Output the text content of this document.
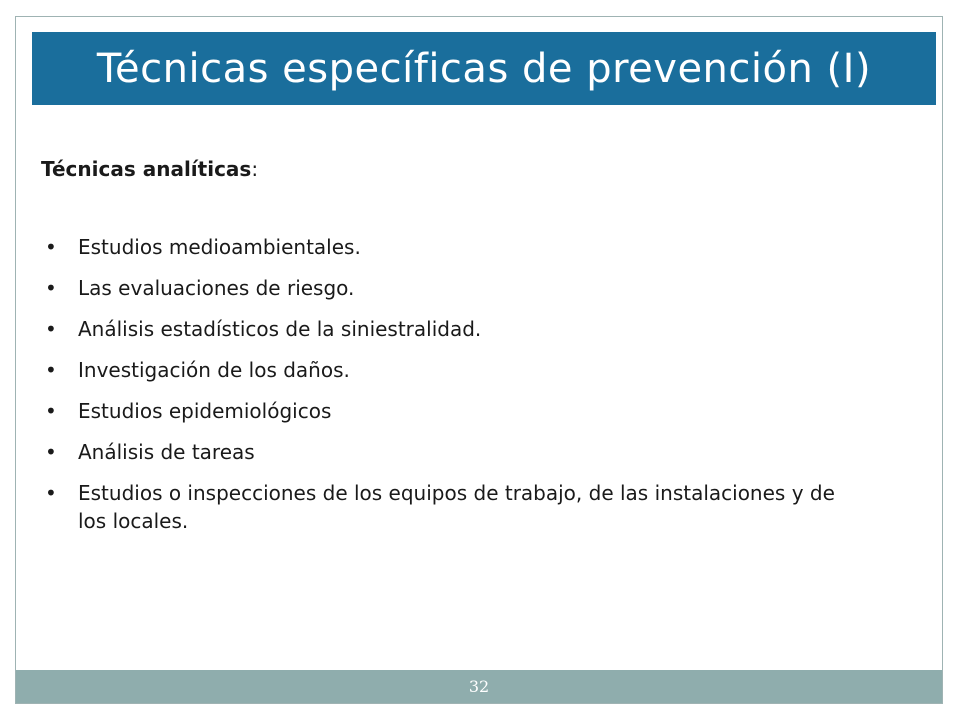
Técnicas específicas de prevención (I)
Técnicas analíticas:
• Estudios medioambientales.
• Las evaluaciones de riesgo.
• Análisis estadísticos de la siniestralidad.
• Investigación de los daños.
• Estudios epidemiológicos
• Análisis de tareas
• Estudios o inspecciones de los equipos de trabajo, de las instalaciones y de los locales.
32
